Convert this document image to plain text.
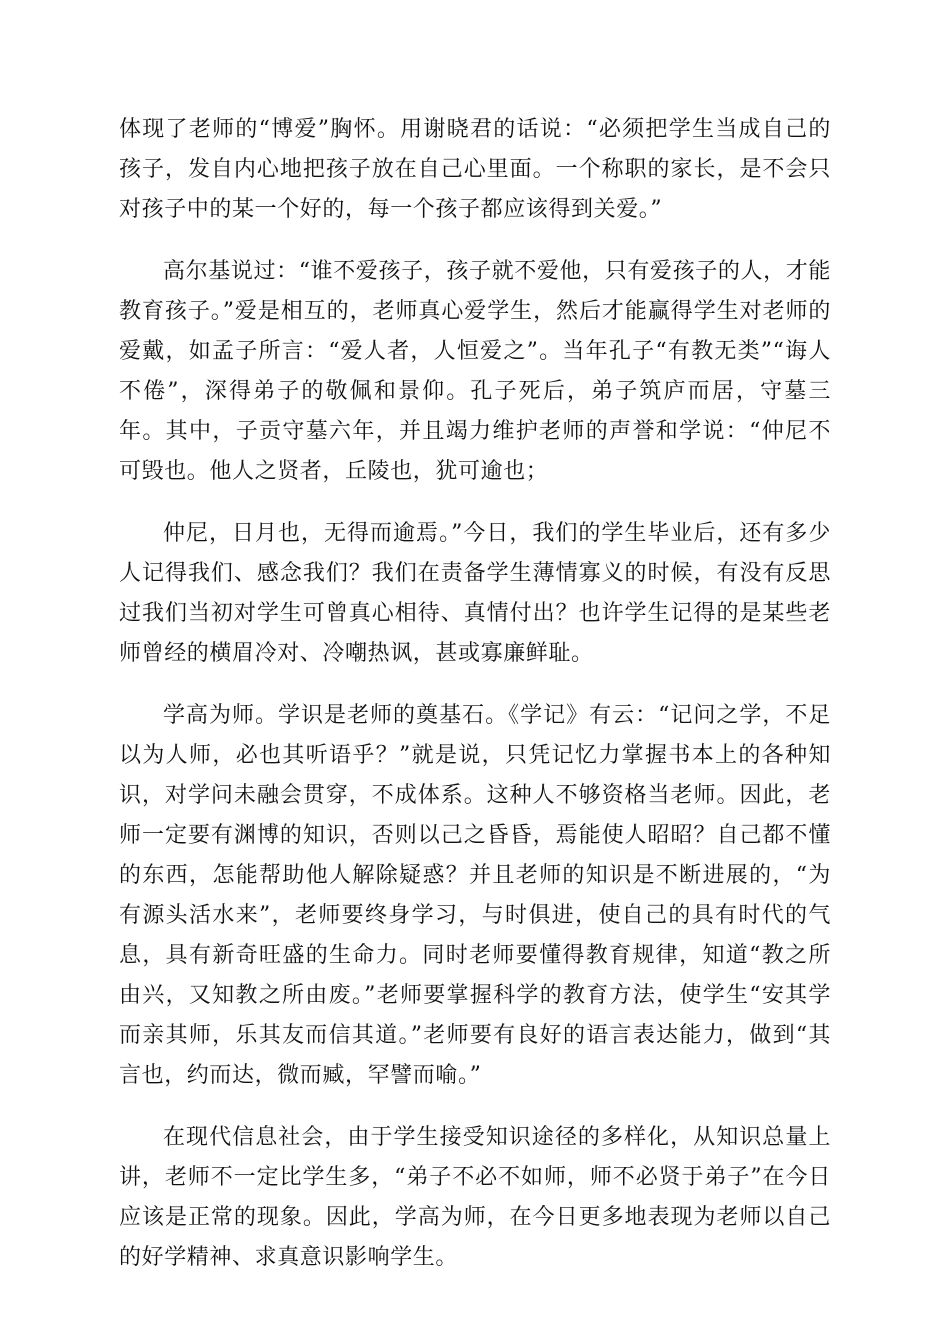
体现了老师的“博爱”胸怀。用谢晓君的话说：“必须把学生当成自己的孩子，发自内心地把孩子放在自己心里面。一个称职的家长，是不会只对孩子中的某一个好的，每一个孩子都应该得到关爱。”

高尔基说过：“谁不爱孩子，孩子就不爱他，只有爱孩子的人，才能教育孩子。”爱是相互的，老师真心爱学生，然后才能赢得学生对老师的爱戴，如孟子所言：“爱人者，人恒爱之”。当年孔子“有教无类”“诲人不倦”，深得弟子的敬佩和景仰。孔子死后，弟子筑庐而居，守墓三年。其中，子贡守墓六年，并且竭力维护老师的声誉和学说：“仲尼不可毁也。他人之贤者，丘陵也，犹可逾也；

仲尼，日月也，无得而逾焉。”今日，我们的学生毕业后，还有多少人记得我们、感念我们？我们在责备学生薄情寡义的时候，有没有反思过我们当初对学生可曾真心相待、真情付出？也许学生记得的是某些老师曾经的横眉冷对、冷嘲热讽，甚或寡廉鲜耻。

学高为师。学识是老师的奠基石。《学记》有云：“记问之学，不足以为人师，必也其听语乎？”就是说，只凭记忆力掌握书本上的各种知识，对学问未融会贯穿，不成体系。这种人不够资格当老师。因此，老师一定要有渊博的知识，否则以己之昏昏，焉能使人昭昭？自己都不懂的东西，怎能帮助他人解除疑惑？并且老师的知识是不断进展的，“为有源头活水来”，老师要终身学习，与时俱进，使自己的具有时代的气息，具有新奇旺盛的生命力。同时老师要懂得教育规律，知道“教之所由兴，又知教之所由废。”老师要掌握科学的教育方法，使学生“安其学而亲其师，乐其友而信其道。”老师要有良好的语言表达能力，做到“其言也，约而达，微而臧，罕譬而喻。”

在现代信息社会，由于学生接受知识途径的多样化，从知识总量上讲，老师不一定比学生多，“弟子不必不如师，师不必贤于弟子”在今日应该是正常的现象。因此，学高为师，在今日更多地表现为老师以自己的好学精神、求真意识影响学生。
